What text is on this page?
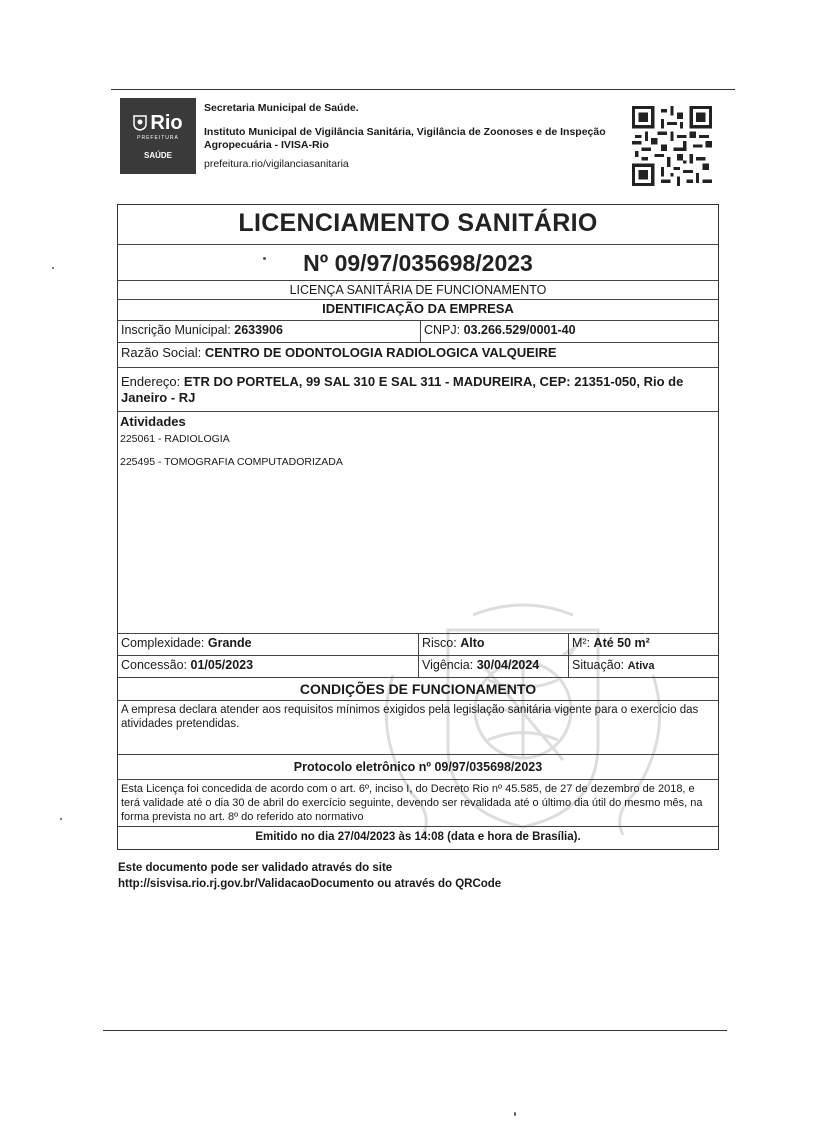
Rio
PREFEITURA
SAÚDE
Secretaria Municipal de Saúde.
Instituto Municipal de Vigilância Sanitária, Vigilância de Zoonoses e de Inspeção Agropecuária - IVISA-Rio
prefeitura.rio/vigilanciasanitaria
LICENCIAMENTO SANITÁRIO
Nº 09/97/035698/2023
LICENÇA SANITÁRIA DE FUNCIONAMENTO
IDENTIFICAÇÃO DA EMPRESA
Inscrição Municipal: 2633906	CNPJ: 03.266.529/0001-40
Razão Social: CENTRO DE ODONTOLOGIA RADIOLOGICA VALQUEIRE
Endereço: ETR DO PORTELA, 99 SAL 310 E SAL 311 - MADUREIRA, CEP: 21351-050, Rio de Janeiro - RJ
Atividades
225061 - RADIOLOGIA
225495 - TOMOGRAFIA COMPUTADORIZADA
Complexidade: Grande	Risco: Alto	M²: Até 50 m²
Concessão: 01/05/2023	Vigência: 30/04/2024	Situação: Ativa
CONDIÇÕES DE FUNCIONAMENTO
A empresa declara atender aos requisitos mínimos exigidos pela legislação sanitária vigente para o exercício das atividades pretendidas.
Protocolo eletrônico nº 09/97/035698/2023
Esta Licença foi concedida de acordo com o art. 6º, inciso I, do Decreto Rio nº 45.585, de 27 de dezembro de 2018, e terá validade até o dia 30 de abril do exercício seguinte, devendo ser revalidada até o último dia útil do mesmo mês, na forma prevista no art. 8º do referido ato normativo
Emitido no dia 27/04/2023 às 14:08 (data e hora de Brasília).
Este documento pode ser validado através do site
http://sisvisa.rio.rj.gov.br/ValidacaoDocumento ou através do QRCode
